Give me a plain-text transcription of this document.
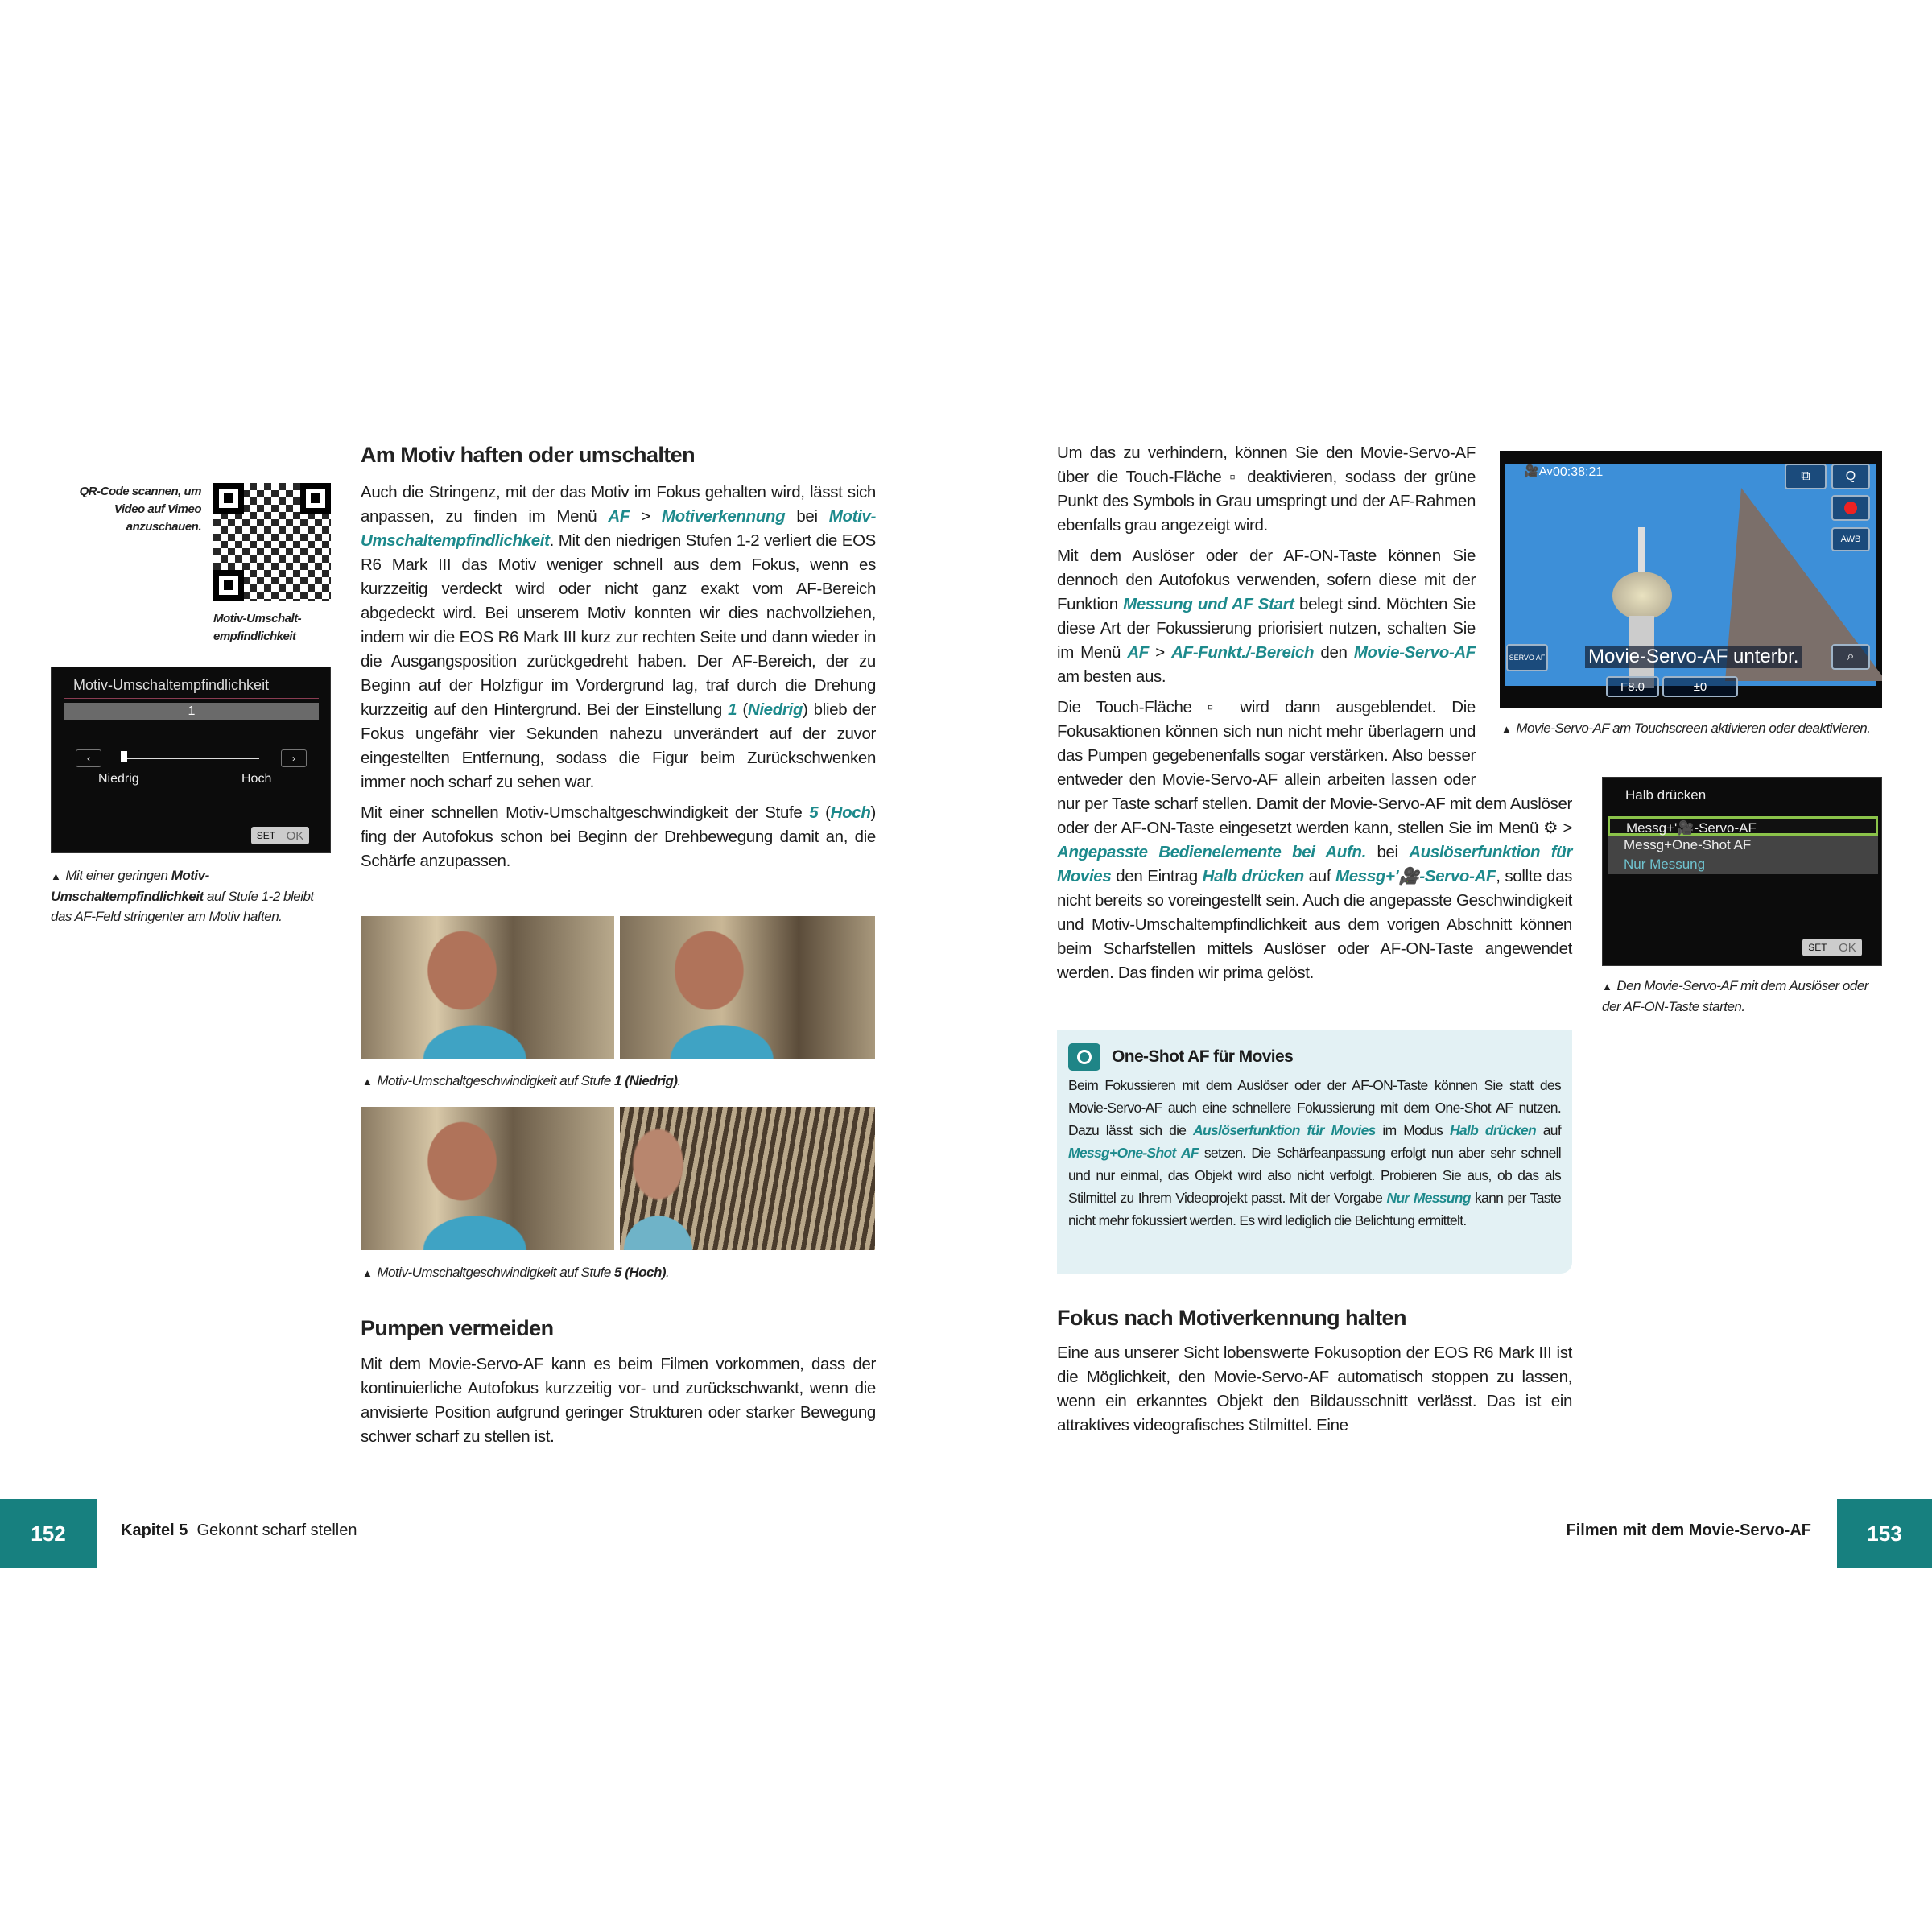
QR-Code scannen, um Video auf Vimeo anzuschauen.
Motiv-Umschalt-empfindlichkeit
Motiv-Umschaltempfindlichkeit
1
‹	›
Niedrig	Hoch
SET OK
▲ Mit einer geringen Motiv-Umschaltempfindlichkeit auf Stufe 1-2 bleibt das AF-Feld stringenter am Motiv haften.
Am Motiv haften oder umschalten

Auch die Stringenz, mit der das Motiv im Fokus gehalten wird, lässt sich anpassen, zu finden im Menü AF > Motiverkennung bei Motiv-Umschaltempfindlichkeit. Mit den niedrigen Stufen 1-2 verliert die EOS R6 Mark III das Motiv weniger schnell aus dem Fokus, wenn es kurzzeitig verdeckt wird oder nicht ganz exakt vom AF-Bereich abgedeckt wird. Bei unserem Motiv konnten wir dies nachvollziehen, indem wir die EOS R6 Mark III kurz zur rechten Seite und dann wieder in die Ausgangsposition zurückgedreht haben. Der AF-Bereich, der zu Beginn auf der Holzfigur im Vordergrund lag, traf durch die Drehung kurzzeitig auf den Hintergrund. Bei der Einstellung 1 (Niedrig) blieb der Fokus ungefähr vier Sekunden nahezu unverändert auf der zuvor eingestellten Entfernung, sodass die Figur beim Zurückschwenken immer noch scharf zu sehen war.

Mit einer schnellen Motiv-Umschaltgeschwindigkeit der Stufe 5 (Hoch) fing der Autofokus schon bei Beginn der Drehbewegung damit an, die Schärfe anzupassen.

▲ Motiv-Umschaltgeschwindigkeit auf Stufe 1 (Niedrig).
▲ Motiv-Umschaltgeschwindigkeit auf Stufe 5 (Hoch).
Pumpen vermeiden

Mit dem Movie-Servo-AF kann es beim Filmen vorkommen, dass der kontinuierliche Autofokus kurzzeitig vor- und zurückschwankt, wenn die anvisierte Position aufgrund geringer Strukturen oder starker Bewegung schwer scharf zu stellen ist.

Um das zu verhindern, können Sie den Movie-Servo-AF über die Touch-Fläche ▫ deaktivieren, sodass der grüne Punkt des Symbols in Grau umspringt und der AF-Rahmen ebenfalls grau angezeigt wird.

Mit dem Auslöser oder der AF-ON-Taste können Sie dennoch den Autofokus verwenden, sofern diese mit der Funktion Messung und AF Start belegt sind. Möchten Sie diese Art der Fokussierung priorisiert nutzen, schalten Sie im Menü AF > AF-Funkt./-Bereich den Movie-Servo-AF am besten aus.

Die Touch-Fläche ▫ wird dann ausgeblendet. Die Fokusaktionen können sich nun nicht mehr überlagern und das Pumpen gegebenenfalls sogar verstärken. Also besser entweder den Movie-Servo-AF allein arbeiten lassen oder nur per Taste scharf stellen. Damit der Movie-Servo-AF mit dem Auslöser oder der AF-ON-Taste eingesetzt werden kann, stellen Sie im Menü ⚙ > Angepasste Bedienelemente bei Aufn. bei Auslöserfunktion für Movies den Eintrag Halb drücken auf Messg+'🎥-Servo-AF, sollte das nicht bereits so voreingestellt sein. Auch die angepasste Geschwindigkeit und Motiv-Umschaltempfindlichkeit aus dem vorigen Abschnitt können beim Scharfstellen mittels Auslöser oder AF-ON-Taste angewendet werden. Das finden wir prima gelöst.

🎥Av 00:38:21	⧉	Q
AWB
SERVO AF Movie-Servo-AF unterbr.	⌕
F8.0	±0
▲ Movie-Servo-AF am Touchscreen aktivieren oder deaktivieren.
Halb drücken
Messg+'🎥-Servo-AF
Messg+One-Shot AF
Nur Messung
SET OK
▲ Den Movie-Servo-AF mit dem Auslöser oder der AF-ON-Taste starten.
One-Shot AF für Movies
Beim Fokussieren mit dem Auslöser oder der AF-ON-Taste können Sie statt des Movie-Servo-AF auch eine schnellere Fokussierung mit dem One-Shot AF nutzen. Dazu lässt sich die Auslöserfunktion für Movies im Modus Halb drücken auf Messg+One-Shot AF setzen. Die Schärfeanpassung erfolgt nun aber sehr schnell und nur einmal, das Objekt wird also nicht verfolgt. Probieren Sie aus, ob das als Stilmittel zu Ihrem Videoprojekt passt. Mit der Vorgabe Nur Messung kann per Taste nicht mehr fokussiert werden. Es wird lediglich die Belichtung ermittelt.
Fokus nach Motiverkennung halten

Eine aus unserer Sicht lobenswerte Fokusoption der EOS R6 Mark III ist die Möglichkeit, den Movie-Servo-AF automatisch stoppen zu lassen, wenn ein erkanntes Objekt den Bildausschnitt verlässt. Das ist ein attraktives videografisches Stilmittel. Eine

152	Kapitel 5 Gekonnt scharf stellen	Filmen mit dem Movie-Servo-AF	153
